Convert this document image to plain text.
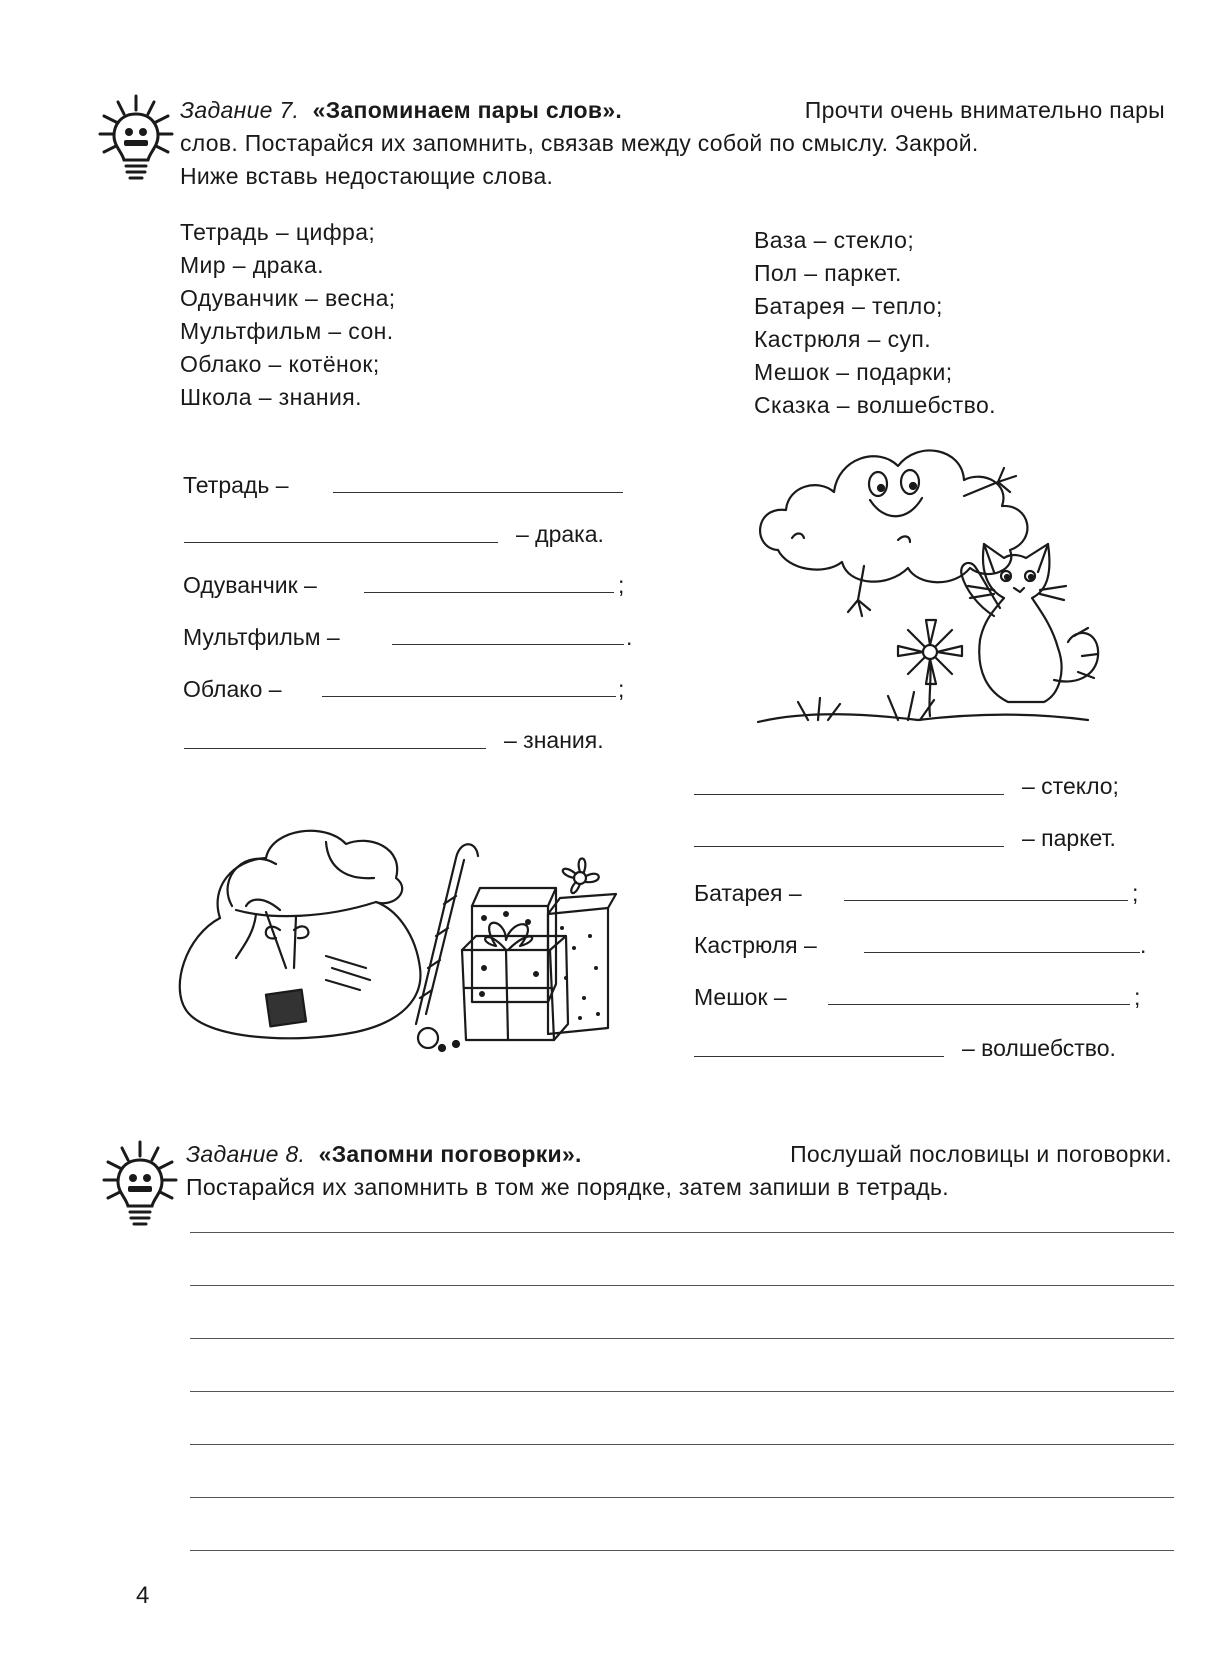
Задание 7. «Запоминаем пары слов».	Прочти очень внимательно пары
слов. Постарайся их запомнить, связав между собой по смыслу. Закрой.
Ниже вставь недостающие слова.
Тетрадь – цифра;
Мир – драка.
Одуванчик – весна;
Мультфильм – сон.
Облако – котёнок;
Школа – знания.
Ваза – стекло;
Пол – паркет.
Батарея – тепло;
Кастрюля – суп.
Мешок – подарки;
Сказка – волшебство.
Тетрадь –
– драка.
Одуванчик –	;
Мультфильм –	.
Облако –	;
– знания.
– стекло;
– паркет.
Батарея –	;
Кастрюля –	.
Мешок –	;
– волшебство.
Задание 8. «Запомни поговорки».	Послушай пословицы и поговорки.
Постарайся их запомнить в том же порядке, затем запиши в тетрадь.
4
